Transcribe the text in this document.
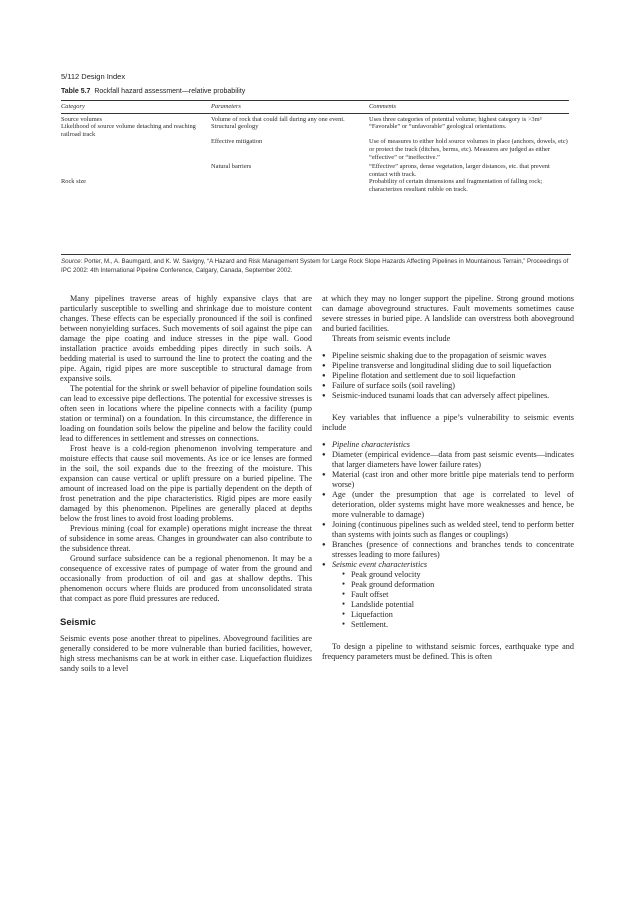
5/112 Design Index
Table 5.7 Rockfall hazard assessment—relative probability
Category	Parameters	Comments

Source volumes	Volume of rock that could fall during any one event.	Uses three categories of potential volume; highest category is >3m³
Likelihood of source volume detaching and reaching railroad track	Structural geology	“Favorable” or “unfavorable” geological orientations.
	Effective mitigation	Use of measures to either hold source volumes in place (anchors, dowels, etc) or protect the track (ditches, berms, etc). Measures are judged as either “effective” or “ineffective.”

	Natural barriers	“Effective” aprons, dense vegetation, larger distances, etc. that prevent contact with track.
Rock size		Probability of certain dimensions and fragmentation of falling rock; characterizes resultant rubble on track.
Source: Porter, M., A. Baumgard, and K. W. Savigny, “A Hazard and Risk Management System for Large Rock Slope Hazards Affecting Pipelines in Mountainous Terrain,” Proceedings of IPC 2002: 4th International Pipeline Conference, Calgary, Canada, September 2002.

Many pipelines traverse areas of highly expansive clays that are particularly susceptible to swelling and shrinkage due to moisture content changes. These effects can be especially pronounced if the soil is confined between nonyielding surfaces. Such movements of soil against the pipe can damage the pipe coating and induce stresses in the pipe wall. Good installation practice avoids embedding pipes directly in such soils. A bedding material is used to surround the line to protect the coating and the pipe. Again, rigid pipes are more susceptible to structural damage from expansive soils.

The potential for the shrink or swell behavior of pipeline foundation soils can lead to excessive pipe deflections. The potential for excessive stresses is often seen in locations where the pipeline connects with a facility (pump station or terminal) on a foundation. In this circumstance, the difference in loading on foundation soils below the pipeline and below the facility could lead to differences in settlement and stresses on connections.

Frost heave is a cold-region phenomenon involving temperature and moisture effects that cause soil movements. As ice or ice lenses are formed in the soil, the soil expands due to the freezing of the moisture. This expansion can cause vertical or uplift pressure on a buried pipeline. The amount of increased load on the pipe is partially dependent on the depth of frost penetration and the pipe characteristics. Rigid pipes are more easily damaged by this phenomenon. Pipelines are generally placed at depths below the frost lines to avoid frost loading problems.

Previous mining (coal for example) operations might increase the threat of subsidence in some areas. Changes in groundwater can also contribute to the subsidence threat.

Ground surface subsidence can be a regional phenomenon. It may be a consequence of excessive rates of pumpage of water from the ground and occasionally from production of oil and gas at shallow depths. This phenomenon occurs where fluids are produced from unconsolidated strata that compact as pore fluid pressures are reduced.

Seismic

Seismic events pose another threat to pipelines. Aboveground facilities are generally considered to be more vulnerable than buried facilities, however, high stress mechanisms can be at work in either case. Liquefaction fluidizes sandy soils to a level

at which they may no longer support the pipeline. Strong ground motions can damage aboveground structures. Fault movements sometimes cause severe stresses in buried pipe. A landslide can overstress both aboveground and buried facilities.

Threats from seismic events include

● Pipeline seismic shaking due to the propagation of seismic waves
● Pipeline transverse and longitudinal sliding due to soil liquefaction
● Pipeline flotation and settlement due to soil liquefaction
● Failure of surface soils (soil raveling)
● Seismic-induced tsunami loads that can adversely affect pipelines.

Key variables that influence a pipe’s vulnerability to seismic events include

● Pipeline characteristics
● Diameter (empirical evidence—data from past seismic events—indicates that larger diameters have lower failure rates)
● Material (cast iron and other more brittle pipe materials tend to perform worse)
● Age (under the presumption that age is correlated to level of deterioration, older systems might have more weaknesses and hence, be more vulnerable to damage)
● Joining (continuous pipelines such as welded steel, tend to perform better than systems with joints such as flanges or couplings)
● Branches (presence of connections and branches tends to concentrate stresses leading to more failures)
● Seismic event characteristics
● Peak ground velocity
● Peak ground deformation
● Fault offset
● Landslide potential
● Liquefaction
● Settlement.

To design a pipeline to withstand seismic forces, earthquake type and frequency parameters must be defined. This is often
